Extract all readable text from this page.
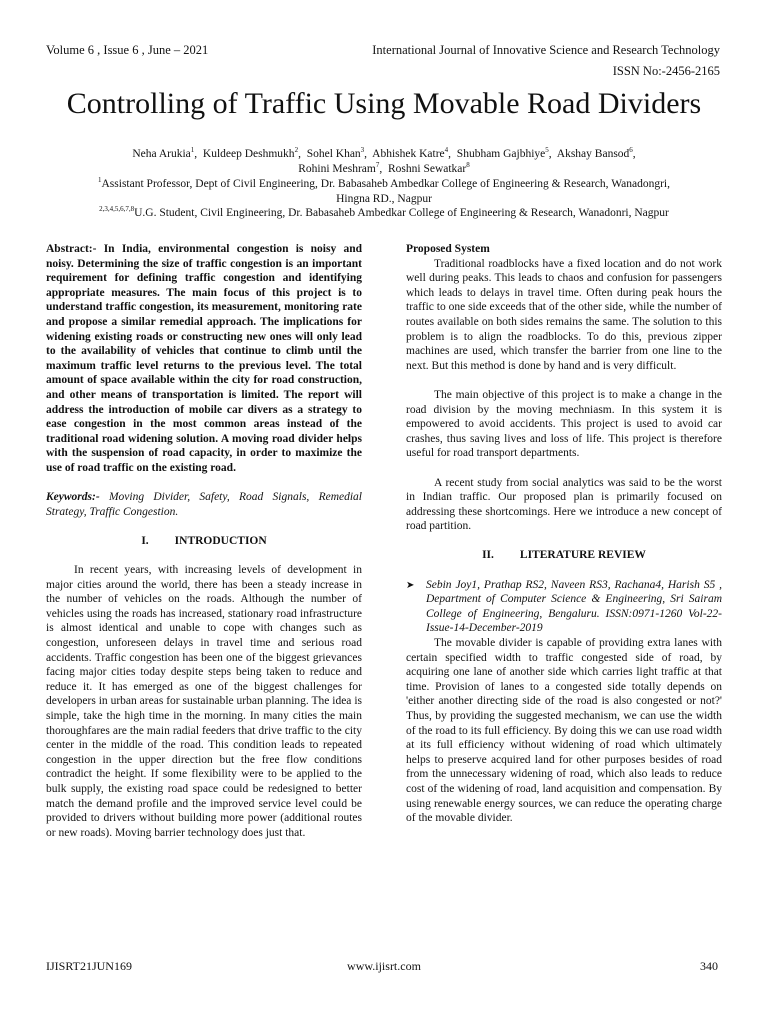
Volume 6 , Issue 6 , June – 2021	International Journal of Innovative Science and Research Technology
ISSN No:-2456-2165
Controlling of Traffic Using Movable Road Dividers
Neha Arukia$^1$,  Kuldeep Deshmukh$^2$,  Sohel Khan$^3$,  Abhishek Katre$^4$,  Shubham Gajbhiye$^5$,  Akshay Bansod$^6$,
Rohini Meshram$^7$,  Roshni Sewatkar$^8$
$^1$Assistant Professor, Dept of Civil Engineering, Dr. Babasaheb Ambedkar College of Engineering & Research, Wanadongri,
Hingna RD., Nagpur
$^{2,3,4,5,6,7,8}$U.G. Student, Civil Engineering, Dr. Babasaheb Ambedkar College of Engineering & Research, Wanadonri, Nagpur

Abstract:- In India, environmental congestion is noisy and noisy. Determining the size of traffic congestion is an important requirement for defining traffic congestion and identifying appropriate measures. The main focus of this project is to understand traffic congestion, its measurement, monitoring rate and propose a similar remedial approach. The implications for widening existing roads or constructing new ones will only lead to the availability of vehicles that continue to climb until the maximum traffic level returns to the previous level. The total amount of space available within the city for road construction, and other means of transportation is limited. The report will address the introduction of mobile car divers as a strategy to ease congestion in the most common areas instead of the traditional road widening solution. A moving road divider helps with the suspension of road capacity, in order to maximize the use of road traffic on the existing road.

Keywords:- Moving Divider, Safety, Road Signals, Remedial Strategy, Traffic Congestion.

I. INTRODUCTION

In recent years, with increasing levels of development in major cities around the world, there has been a steady increase in the number of vehicles on the roads. Although the number of vehicles using the roads has increased, stationary road infrastructure is almost identical and unable to cope with changes such as congestion, unforeseen delays in travel time and serious road accidents. Traffic congestion has been one of the biggest grievances facing major cities today despite steps being taken to reduce and reduce it. It has emerged as one of the biggest challenges for developers in urban areas for sustainable urban planning. The idea is simple, take the high time in the morning. In many cities the main thoroughfares are the main radial feeders that drive traffic to the city center in the middle of the road. This condition leads to repeated congestion in the upper direction but the free flow conditions contradict the height. If some flexibility were to be applied to the bulk supply, the existing road space could be redesigned to better match the demand profile and the improved service level could be provided to drivers without building more power (additional routes or new roads). Moving barrier technology does just that.

Proposed System

Traditional roadblocks have a fixed location and do not work well during peaks. This leads to chaos and confusion for passengers which leads to delays in travel time. Often during peak hours the traffic to one side exceeds that of the other side, while the number of routes available on both sides remains the same. The solution to this problem is to align the roadblocks. To do this, previous zipper machines are used, which transfer the barrier from one line to the next. But this method is done by hand and is very difficult.

The main objective of this project is to make a change in the road division by the moving mechniasm. In this system it is empowered to avoid accidents. This project is used to avoid car crashes, thus saving lives and loss of life. This project is therefore useful for road transport departments.

A recent study from social analytics was said to be the worst in Indian traffic. Our proposed plan is primarily focused on addressing these shortcomings. Here we introduce a new concept of road partition.

II. LITERATURE REVIEW
➤	Sebin Joy1, Prathap RS2, Naveen RS3, Rachana4, Harish S5 , Department of Computer Science & Engineering, Sri Sairam College of Engineering, Bengaluru. ISSN:0971-1260 Vol-22- Issue-14-December-2019

The movable divider is capable of providing extra lanes with certain specified width to traffic congested side of road, by acquiring one lane of another side which carries light traffic at that time. Provision of lanes to a congested side totally depends on 'either another directing side of the road is also congested or not?' Thus, by providing the suggested mechanism, we can use the width of the road to its full efficiency. By doing this we can use road width at its full efficiency without widening of road which ultimately helps to preserve acquired land for other purposes besides of road from the unnecessary widening of road, which also leads to reduce cost of the widening of road, land acquisition and compensation. By using renewable energy sources, we can reduce the operating charge of the movable divider.

IJISRT21JUN169	www.ijisrt.com	340
